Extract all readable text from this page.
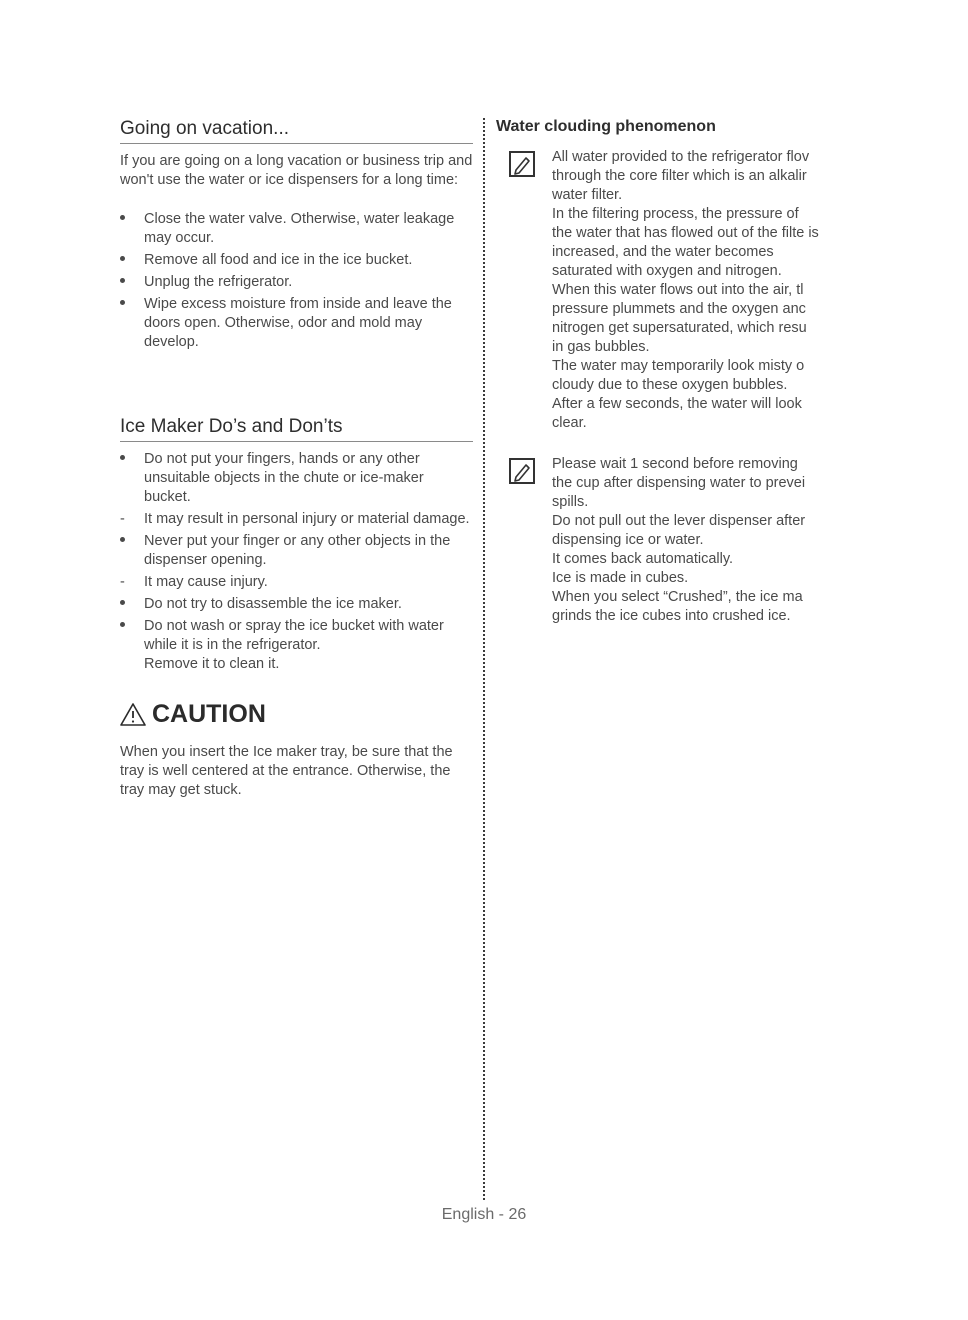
Going on vacation...

If you are going on a long vacation or business trip and won't use the water or ice dispensers for a long time:

Close the water valve. Otherwise, water leakage may occur.
Remove all food and ice in the ice bucket.
Unplug the refrigerator.
Wipe excess moisture from inside and leave the doors open. Otherwise, odor and mold may develop.
Ice Maker Do’s and Don’ts
Do not put your fingers, hands or any other unsuitable objects in the chute or ice-maker bucket.
-	It may result in personal injury or material damage.
Never put your finger or any other objects in the dispenser opening.
-	It may cause injury.
Do not try to disassemble the ice maker.
Do not wash or spray the ice bucket with water while it is in the refrigerator.
Remove it to clean it.
CAUTION

When you insert the Ice maker tray, be sure that the tray is well centered at the entrance. Otherwise, the tray may get stuck.

Water clouding phenomenon

All water provided to the refrigerator flov through the core filter which is an alkalir water filter.

In the filtering process, the pressure of the water that has flowed out of the filte is increased, and the water becomes saturated with oxygen and nitrogen.

When this water flows out into the air, tl pressure plummets and the oxygen anc nitrogen get supersaturated, which resu in gas bubbles.

The water may temporarily look misty o cloudy due to these oxygen bubbles.

After a few seconds, the water will look clear.

Please wait 1 second before removing the cup after dispensing water to prevei spills.

Do not pull out the lever dispenser after dispensing ice or water.

It comes back automatically.

Ice is made in cubes.

When you select “Crushed”, the ice ma grinds the ice cubes into crushed ice.

English - 26
